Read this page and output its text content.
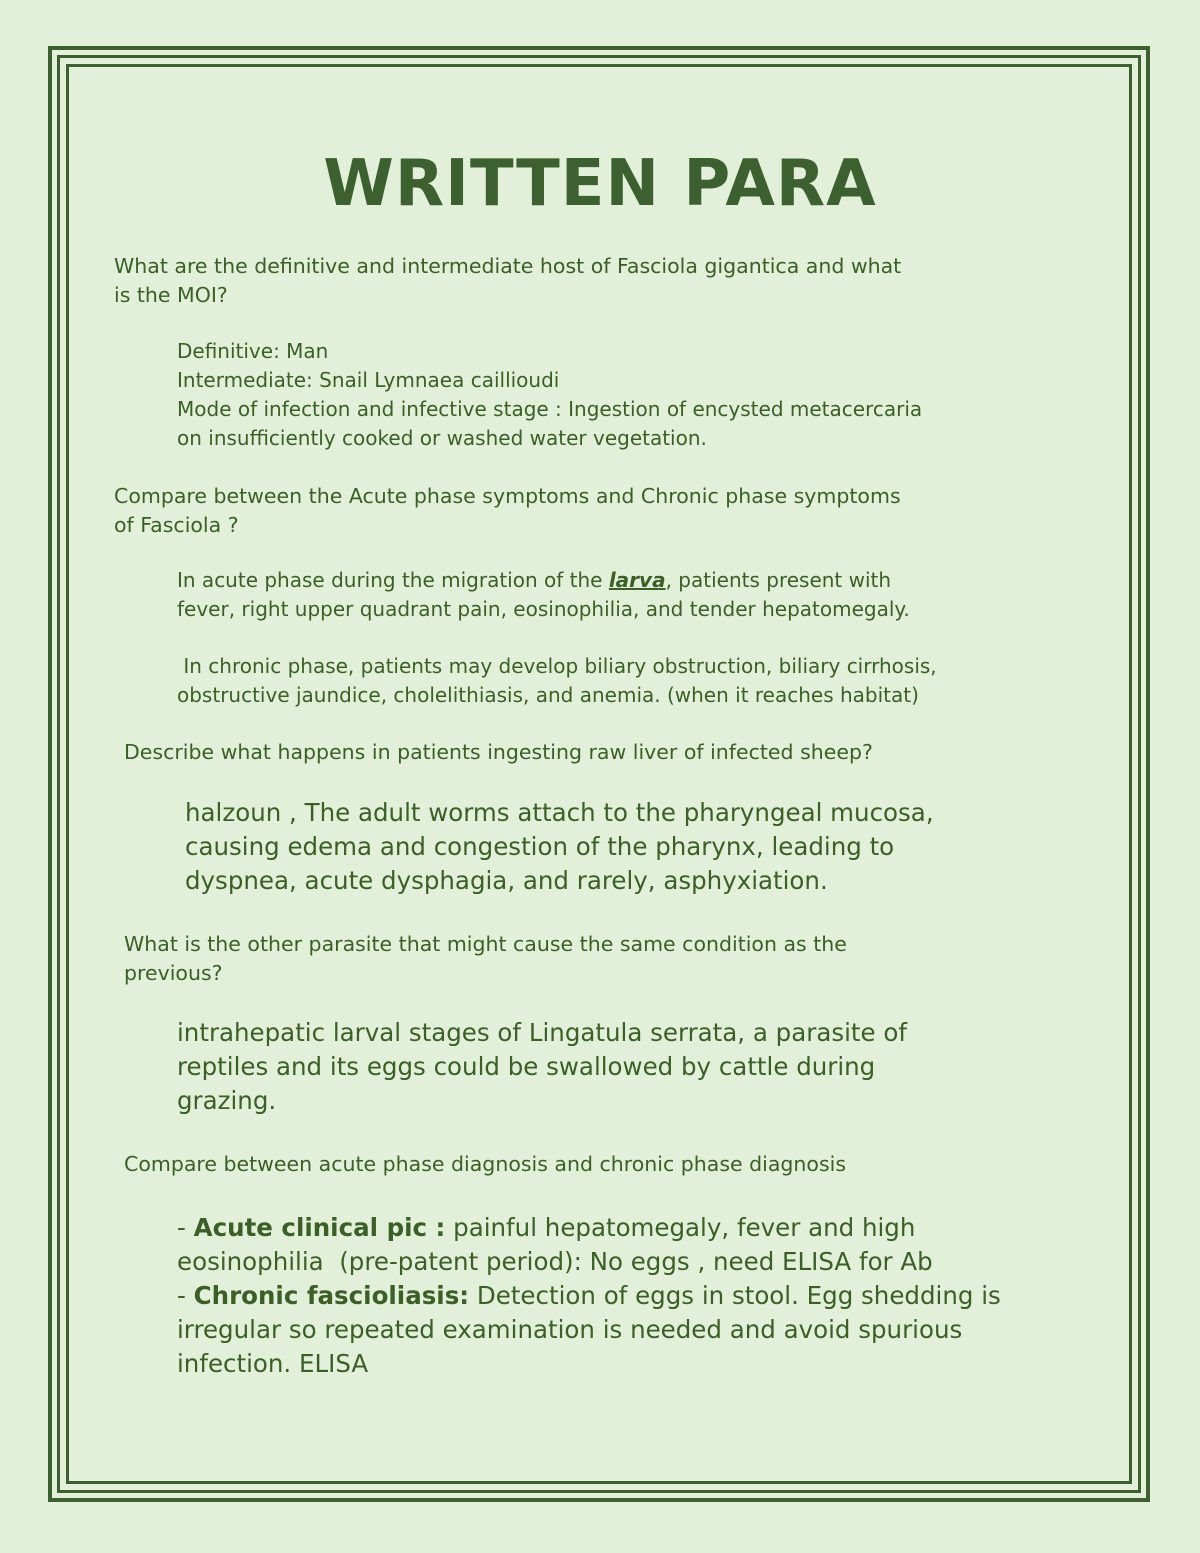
WRITTEN PARA
What are the definitive and intermediate host of Fasciola gigantica and what
is the MOI?
Definitive: Man
Intermediate: Snail Lymnaea caillioudi
Mode of infection and infective stage : Ingestion of encysted metacercaria
on insufficiently cooked or washed water vegetation.
Compare between the Acute phase symptoms and Chronic phase symptoms
of Fasciola ?
In acute phase during the migration of the larva, patients present with
fever, right upper quadrant pain, eosinophilia, and tender hepatomegaly.
In chronic phase, patients may develop biliary obstruction, biliary cirrhosis,
obstructive jaundice, cholelithiasis, and anemia. (when it reaches habitat)
Describe what happens in patients ingesting raw liver of infected sheep?
halzoun , The adult worms attach to the pharyngeal mucosa,
causing edema and congestion of the pharynx, leading to
dyspnea, acute dysphagia, and rarely, asphyxiation.
What is the other parasite that might cause the same condition as the
previous?
intrahepatic larval stages of Lingatula serrata, a parasite of
reptiles and its eggs could be swallowed by cattle during
grazing.
Compare between acute phase diagnosis and chronic phase diagnosis
- Acute clinical pic : painful hepatomegaly, fever and high
eosinophilia  (pre-patent period): No eggs , need ELISA for Ab
- Chronic fascioliasis: Detection of eggs in stool. Egg shedding is
irregular so repeated examination is needed and avoid spurious
infection. ELISA
